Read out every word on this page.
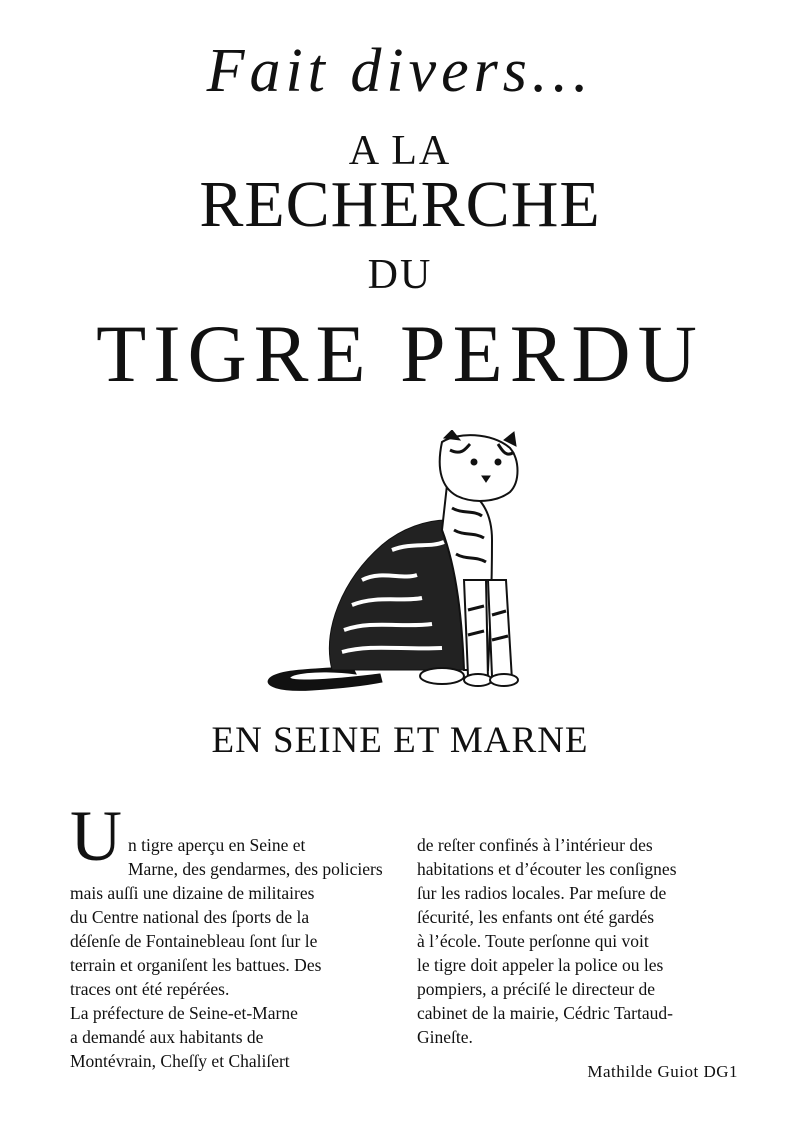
Fait divers...
A LA
RECHERCHE
DU
TIGRE PERDU
EN SEINE ET MARNE
U n tigre aperçu en Seine et
Marne, des gendarmes, des policiers
mais auſſi une dizaine de militaires
du Centre national des ſports de la
déſenſe de Fontainebleau ſont ſur le
terrain et organiſent les battues. Des
traces ont été repérées.
La préfecture de Seine-et-Marne
a demandé aux habitants de
Montévrain, Cheſſy et Chaliſert
de reſter confinés à l’intérieur des
habitations et d’écouter les conſignes
ſur les radios locales. Par meſure de
ſécurité, les enfants ont été gardés
à l’école. Toute perſonne qui voit
le tigre doit appeler la police ou les
pompiers, a préciſé le directeur de
cabinet de la mairie, Cédric Tartaud-
Gineſte.
Mathilde Guiot DG1
